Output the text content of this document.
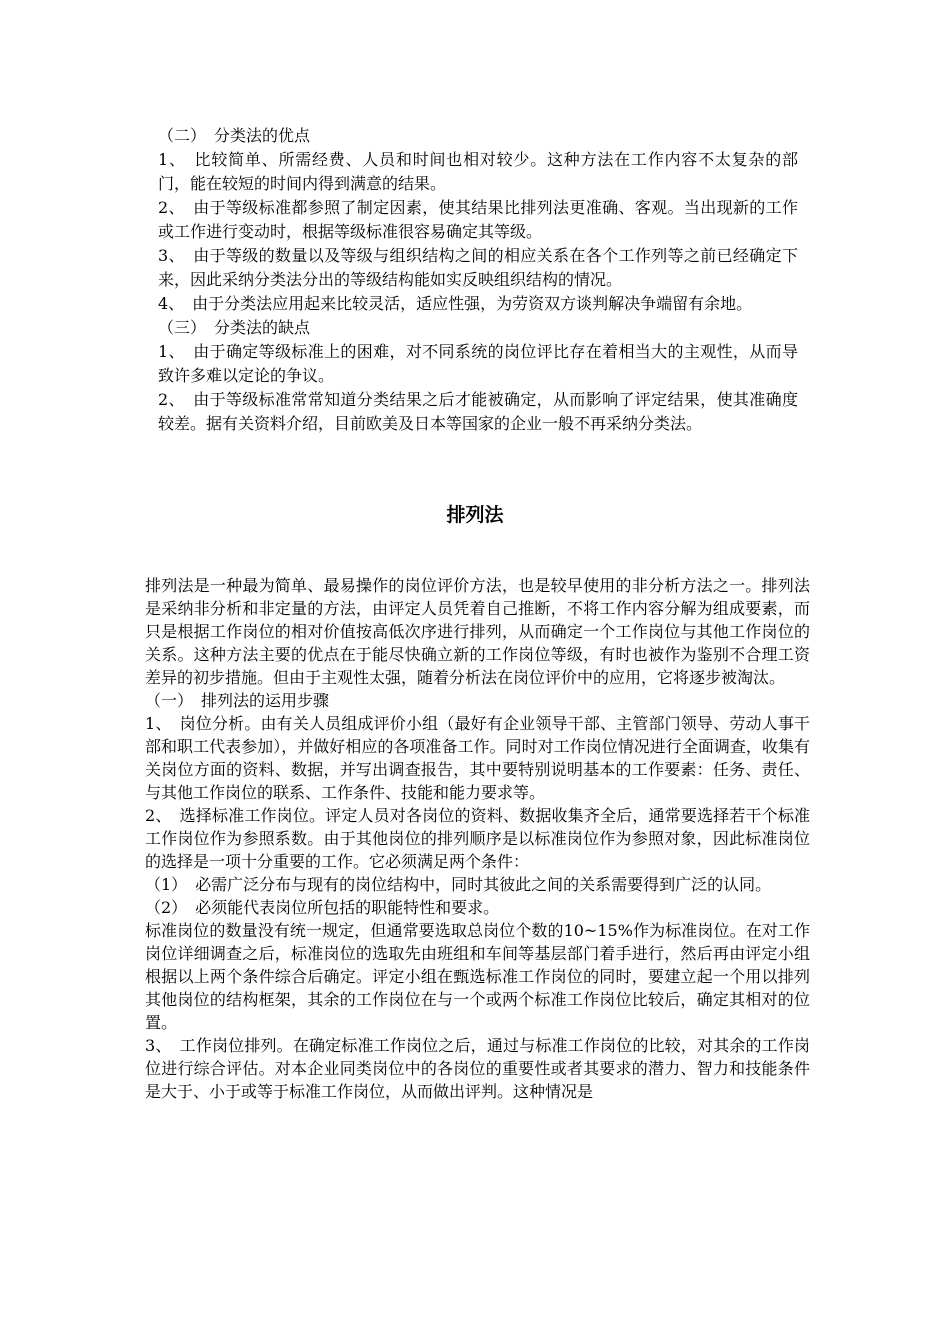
（二）　分类法的优点

1、　比较简单、所需经费、人员和时间也相对较少。这种方法在工作内容不太复杂的部门，能在较短的时间内得到满意的结果。

2、　由于等级标准都参照了制定因素，使其结果比排列法更准确、客观。当出现新的工作或工作进行变动时，根据等级标准很容易确定其等级。

3、　由于等级的数量以及等级与组织结构之间的相应关系在各个工作列等之前已经确定下来，因此采纳分类法分出的等级结构能如实反映组织结构的情况。

4、　由于分类法应用起来比较灵活，适应性强，为劳资双方谈判解决争端留有余地。

（三）　分类法的缺点

1、　由于确定等级标准上的困难，对不同系统的岗位评比存在着相当大的主观性，从而导致许多难以定论的争议。

2、　由于等级标准常常知道分类结果之后才能被确定，从而影响了评定结果，使其准确度较差。据有关资料介绍，目前欧美及日本等国家的企业一般不再采纳分类法。

排列法

排列法是一种最为简单、最易操作的岗位评价方法，也是较早使用的非分析方法之一。排列法是采纳非分析和非定量的方法，由评定人员凭着自己推断，不将工作内容分解为组成要素，而只是根据工作岗位的相对价值按高低次序进行排列，从而确定一个工作岗位与其他工作岗位的关系。这种方法主要的优点在于能尽快确立新的工作岗位等级，有时也被作为鉴别不合理工资差异的初步措施。但由于主观性太强，随着分析法在岗位评价中的应用，它将逐步被淘汰。

（一）　排列法的运用步骤

1、　岗位分析。由有关人员组成评价小组（最好有企业领导干部、主管部门领导、劳动人事干部和职工代表参加），并做好相应的各项准备工作。同时对工作岗位情况进行全面调查，收集有关岗位方面的资料、数据，并写出调查报告，其中要特别说明基本的工作要素：任务、责任、与其他工作岗位的联系、工作条件、技能和能力要求等。

2、　选择标准工作岗位。评定人员对各岗位的资料、数据收集齐全后，通常要选择若干个标准工作岗位作为参照系数。由于其他岗位的排列顺序是以标准岗位作为参照对象，因此标准岗位的选择是一项十分重要的工作。它必须满足两个条件：

（1）　必需广泛分布与现有的岗位结构中，同时其彼此之间的关系需要得到广泛的认同。

（2）　必须能代表岗位所包括的职能特性和要求。

标准岗位的数量没有统一规定，但通常要选取总岗位个数的10~15%作为标准岗位。在对工作岗位详细调查之后，标准岗位的选取先由班组和车间等基层部门着手进行，然后再由评定小组根据以上两个条件综合后确定。评定小组在甄选标准工作岗位的同时，要建立起一个用以排列其他岗位的结构框架，其余的工作岗位在与一个或两个标准工作岗位比较后，确定其相对的位置。

3、　工作岗位排列。在确定标准工作岗位之后，通过与标准工作岗位的比较，对其余的工作岗位进行综合评估。对本企业同类岗位中的各岗位的重要性或者其要求的潜力、智力和技能条件是大于、小于或等于标准工作岗位，从而做出评判。这种情况是
